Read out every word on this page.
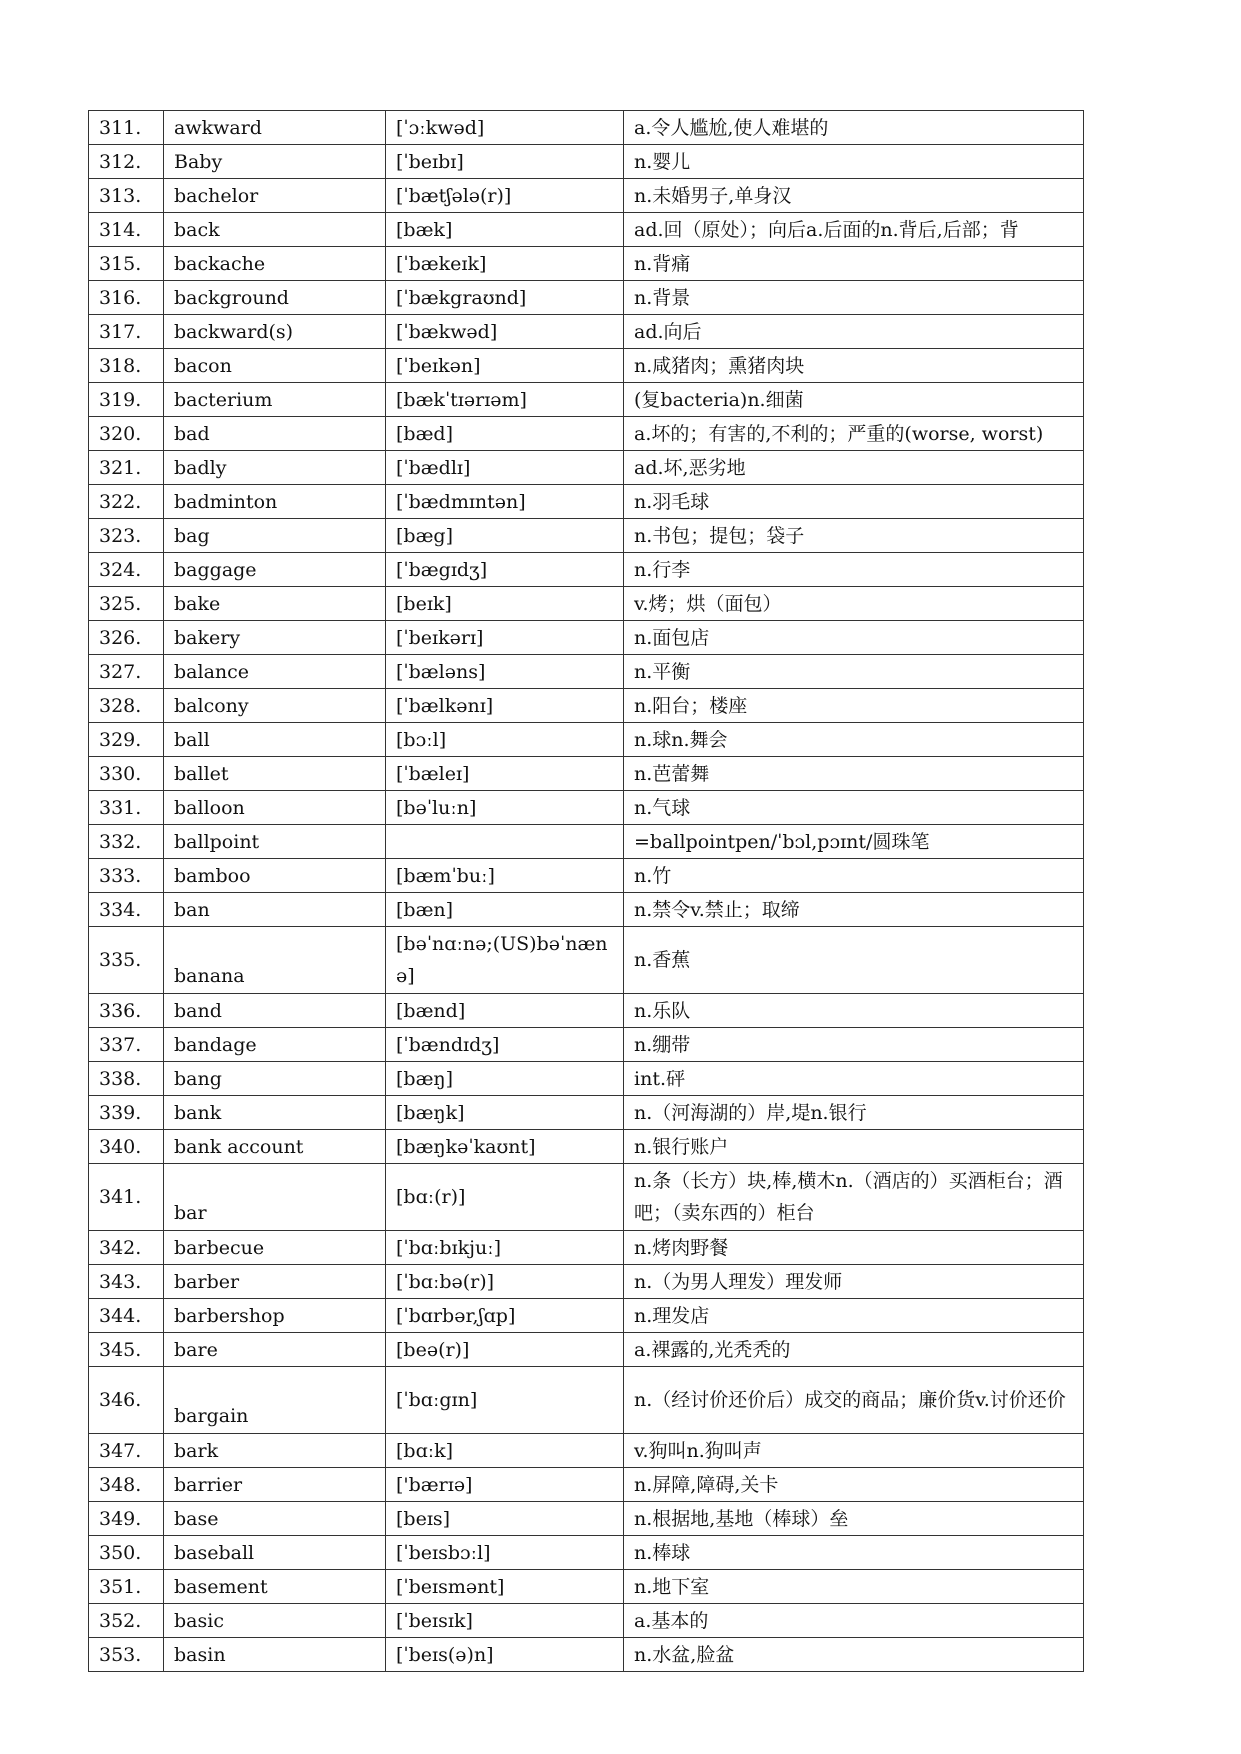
311.	awkward	[ˈɔːkwəd]	a.令人尴尬,使人难堪的
312.	Baby	[ˈbeɪbɪ]	n.婴儿
313.	bachelor	[ˈbætʃələ(r)]	n.未婚男子,单身汉
314.	back	[bæk]	ad.回（原处）；向后a.后面的n.背后,后部；背
315.	backache	[ˈbækeɪk]	n.背痛
316.	background	[ˈbækgraʊnd]	n.背景
317.	backward(s)	[ˈbækwəd]	ad.向后
318.	bacon	[ˈbeɪkən]	n.咸猪肉；熏猪肉块
319.	bacterium	[bækˈtɪərɪəm]	(复bacteria)n.细菌
320.	bad	[bæd]	a.坏的；有害的,不利的；严重的(worse, worst)
321.	badly	[ˈbædlɪ]	ad.坏,恶劣地
322.	badminton	[ˈbædmɪntən]	n.羽毛球
323.	bag	[bæg]	n.书包；提包；袋子
324.	baggage	[ˈbægɪdʒ]	n.行李
325.	bake	[beɪk]	v.烤；烘（面包）
326.	bakery	[ˈbeɪkərɪ]	n.面包店
327.	balance	[ˈbæləns]	n.平衡
328.	balcony	[ˈbælkənɪ]	n.阳台；楼座
329.	ball	[bɔːl]	n.球n.舞会
330.	ballet	[ˈbæleɪ]	n.芭蕾舞
331.	balloon	[bəˈluːn]	n.气球
332.	ballpoint		=ballpointpen/ˈbɔl,pɔɪnt/圆珠笔
333.	bamboo	[bæmˈbuː]	n.竹
334.	ban	[bæn]	n.禁令v.禁止；取缔
335.	banana	[bəˈnɑːnə;(US)bəˈnænə]	n.香蕉
336.	band	[bænd]	n.乐队
337.	bandage	[ˈbændɪdʒ]	n.绷带
338.	bang	[bæŋ]	int.砰
339.	bank	[bæŋk]	n.（河海湖的）岸,堤n.银行
340.	bank account	[bæŋkəˈkaʊnt]	n.银行账户
341.	bar	[bɑː(r)]	n.条（长方）块,棒,横木n.（酒店的）买酒柜台；酒吧；（卖东西的）柜台
342.	barbecue	[ˈbɑːbɪkjuː]	n.烤肉野餐
343.	barber	[ˈbɑːbə(r)]	n.（为男人理发）理发师
344.	barbershop	[ˈbɑrbər,ʃɑp]	n.理发店
345.	bare	[beə(r)]	a.裸露的,光秃秃的
346.	bargain	[ˈbɑːgɪn]	n.（经讨价还价后）成交的商品；廉价货v.讨价还价
347.	bark	[bɑːk]	v.狗叫n.狗叫声
348.	barrier	['bærɪə]	n.屏障,障碍,关卡
349.	base	[beɪs]	n.根据地,基地（棒球）垒
350.	baseball	[ˈbeɪsbɔːl]	n.棒球
351.	basement	[ˈbeɪsmənt]	n.地下室
352.	basic	[ˈbeɪsɪk]	a.基本的
353.	basin	[ˈbeɪs(ə)n]	n.水盆,脸盆
